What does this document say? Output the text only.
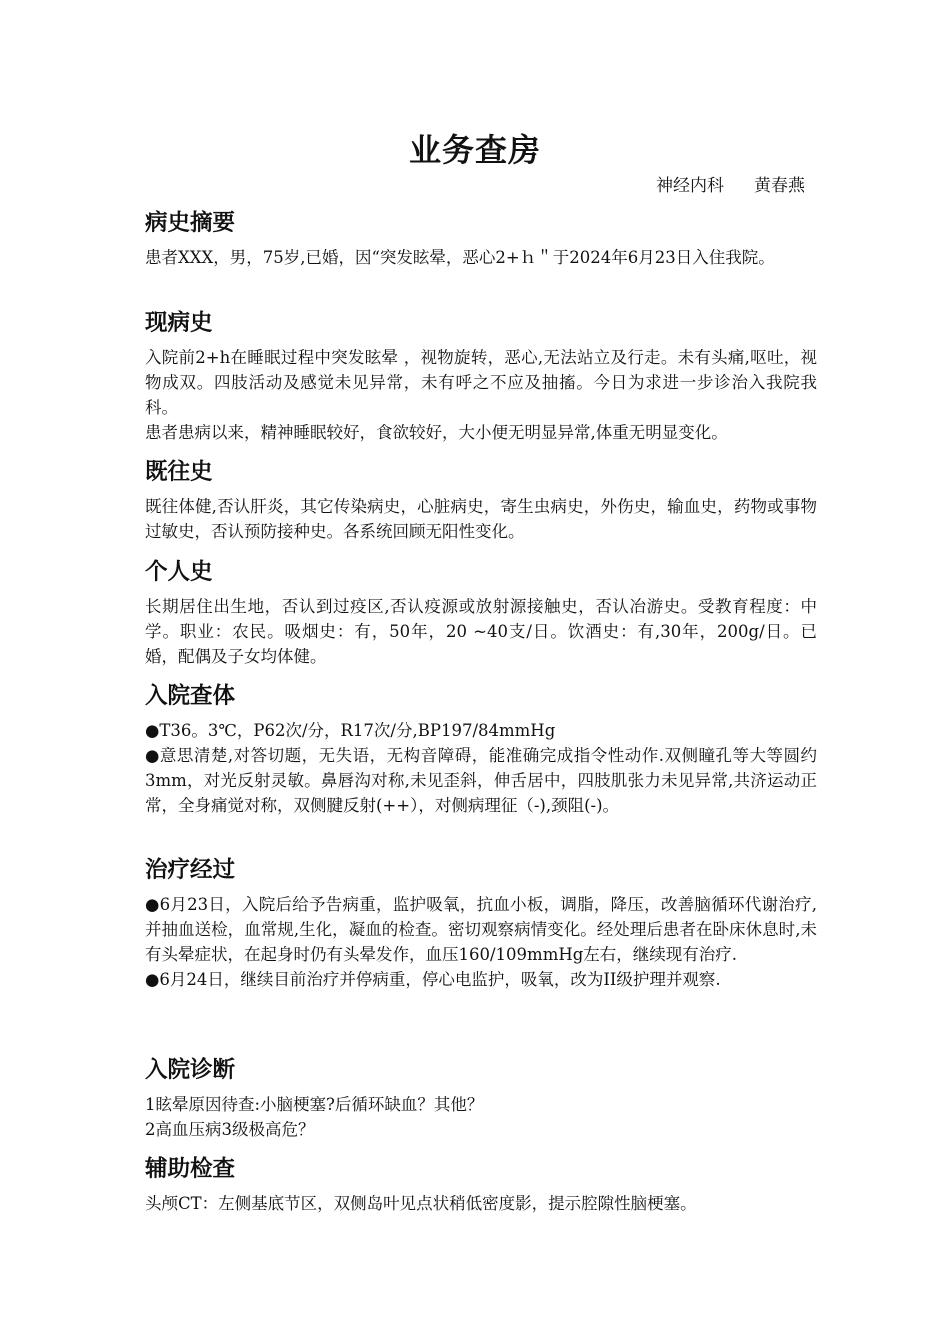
业务查房
神经内科 黄春燕
病史摘要

患者XXX，男，75岁,已婚，因“突发眩晕，恶心2+ｈ＂于2024年6月23日入住我院。

现病史

入院前2+h在睡眠过程中突发眩晕 ，视物旋转，恶心,无法站立及行走。未有头痛,呕吐，视物成双。四肢活动及感觉未见异常，未有呼之不应及抽搐。今日为求进一步诊治入我院我科。

患者患病以来，精神睡眠较好，食欲较好，大小便无明显异常,体重无明显变化。

既往史

既往体健,否认肝炎，其它传染病史，心脏病史，寄生虫病史，外伤史，输血史，药物或事物过敏史，否认预防接种史。各系统回顾无阳性变化。

个人史

长期居住出生地，否认到过疫区,否认疫源或放射源接触史，否认冶游史。受教育程度：中学。职业：农民。吸烟史：有，50年，20 ~40支/日。饮酒史：有,30年，200g/日。已婚，配偶及子女均体健。

入院查体

●T36。3℃，P62次/分，R17次/分,BP197/84mmHg

●意思清楚,对答切题，无失语，无构音障碍，能准确完成指令性动作.双侧瞳孔等大等圆约3mm，对光反射灵敏。鼻唇沟对称,未见歪斜，伸舌居中，四肢肌张力未见异常,共济运动正常，全身痛觉对称，双侧腱反射(++），对侧病理征（-),颈阻(-)。

治疗经过

●6月23日，入院后给予告病重，监护吸氧，抗血小板，调脂，降压，改善脑循环代谢治疗,并抽血送检，血常规,生化，凝血的检查。密切观察病情变化。经处理后患者在卧床休息时,未有头晕症状，在起身时仍有头晕发作，血压160/109mmHg左右，继续现有治疗.

●6月24日，继续目前治疗并停病重，停心电监护，吸氧，改为II级护理并观察.

入院诊断

1眩晕原因待查:小脑梗塞?后循环缺血？其他？

2高血压病3级极高危？

辅助检查

头颅CT：左侧基底节区，双侧岛叶见点状稍低密度影，提示腔隙性脑梗塞。
